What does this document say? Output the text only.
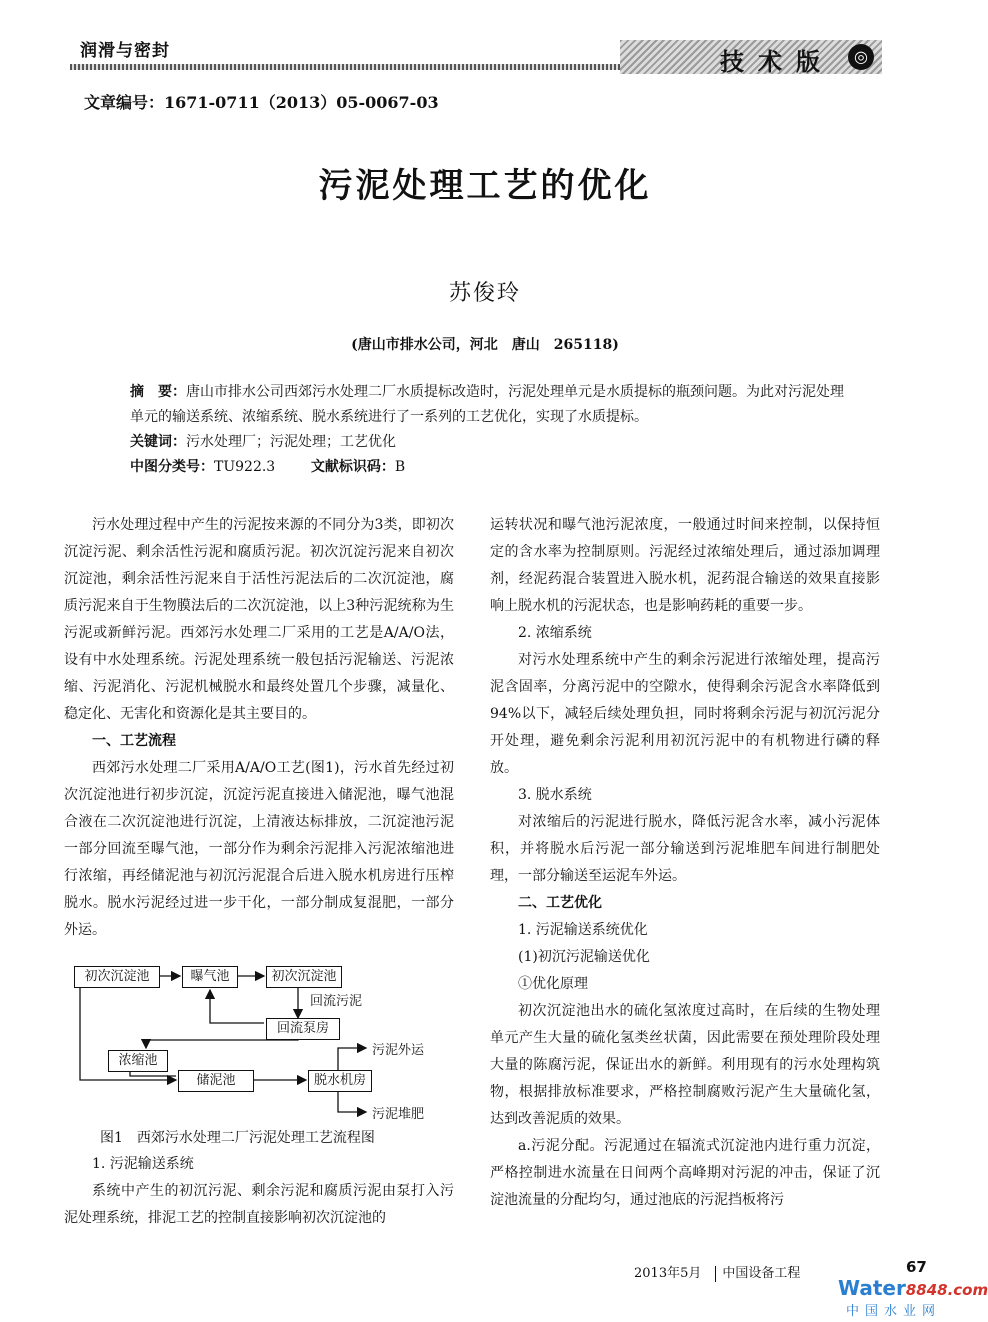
润滑与密封	技术版	◎
文章编号：1671-0711（2013）05-0067-03
污泥处理工艺的优化
苏俊玲
(唐山市排水公司，河北　唐山　265118)
摘　要：唐山市排水公司西郊污水处理二厂水质提标改造时，污泥处理单元是水质提标的瓶颈问题。为此对污泥处理单元的输送系统、浓缩系统、脱水系统进行了一系列的工艺优化，实现了水质提标。
关键词：污水处理厂；污泥处理；工艺优化
中图分类号：TU922.3	文献标识码：B

污水处理过程中产生的污泥按来源的不同分为3类，即初次沉淀污泥、剩余活性污泥和腐质污泥。初次沉淀污泥来自初次沉淀池，剩余活性污泥来自于活性污泥法后的二次沉淀池，腐质污泥来自于生物膜法后的二次沉淀池，以上3种污泥统称为生污泥或新鲜污泥。西郊污水处理二厂采用的工艺是A/A/O法，设有中水处理系统。污泥处理系统一般包括污泥输送、污泥浓缩、污泥消化、污泥机械脱水和最终处置几个步骤，减量化、稳定化、无害化和资源化是其主要目的。

一、工艺流程

西郊污水处理二厂采用A/A/O工艺(图1)，污水首先经过初次沉淀池进行初步沉淀，沉淀污泥直接进入储泥池，曝气池混合液在二次沉淀池进行沉淀，上清液达标排放，二沉淀池污泥一部分回流至曝气池，一部分作为剩余污泥排入污泥浓缩池进行浓缩，再经储泥池与初沉污泥混合后进入脱水机房进行压榨脱水。脱水污泥经过进一步干化，一部分制成复混肥，一部分外运。

初次沉淀池	曝气池	初次沉淀池
回流污泥
回流泵房
浓缩池
储泥池	脱水机房
污泥外运
污泥堆肥
图1　西郊污水处理二厂污泥处理工艺流程图

1. 污泥输送系统

系统中产生的初沉污泥、剩余污泥和腐质污泥由泵打入污泥处理系统，排泥工艺的控制直接影响初次沉淀池的

运转状况和曝气池污泥浓度，一般通过时间来控制，以保持恒定的含水率为控制原则。污泥经过浓缩处理后，通过添加调理剂，经泥药混合装置进入脱水机，泥药混合输送的效果直接影响上脱水机的污泥状态，也是影响药耗的重要一步。

2. 浓缩系统

对污水处理系统中产生的剩余污泥进行浓缩处理，提高污泥含固率，分离污泥中的空隙水，使得剩余污泥含水率降低到94%以下，减轻后续处理负担，同时将剩余污泥与初沉污泥分开处理，避免剩余污泥利用初沉污泥中的有机物进行磷的释放。

3. 脱水系统

对浓缩后的污泥进行脱水，降低污泥含水率，减小污泥体积，并将脱水后污泥一部分输送到污泥堆肥车间进行制肥处理，一部分输送至运泥车外运。

二、工艺优化

1. 污泥输送系统优化

(1)初沉污泥输送优化

①优化原理

初次沉淀池出水的硫化氢浓度过高时，在后续的生物处理单元产生大量的硫化氢类丝状菌，因此需要在预处理阶段处理大量的陈腐污泥，保证出水的新鲜。利用现有的污水处理构筑物，根据排放标准要求，严格控制腐败污泥产生大量硫化氢，达到改善泥质的效果。

a.污泥分配。污泥通过在辐流式沉淀池内进行重力沉淀，严格控制进水流量在日间两个高峰期对污泥的冲击，保证了沉淀池流量的分配均匀，通过池底的污泥挡板将污

2013年5月 中国设备工程	67
Water8848.com
中国水业网
